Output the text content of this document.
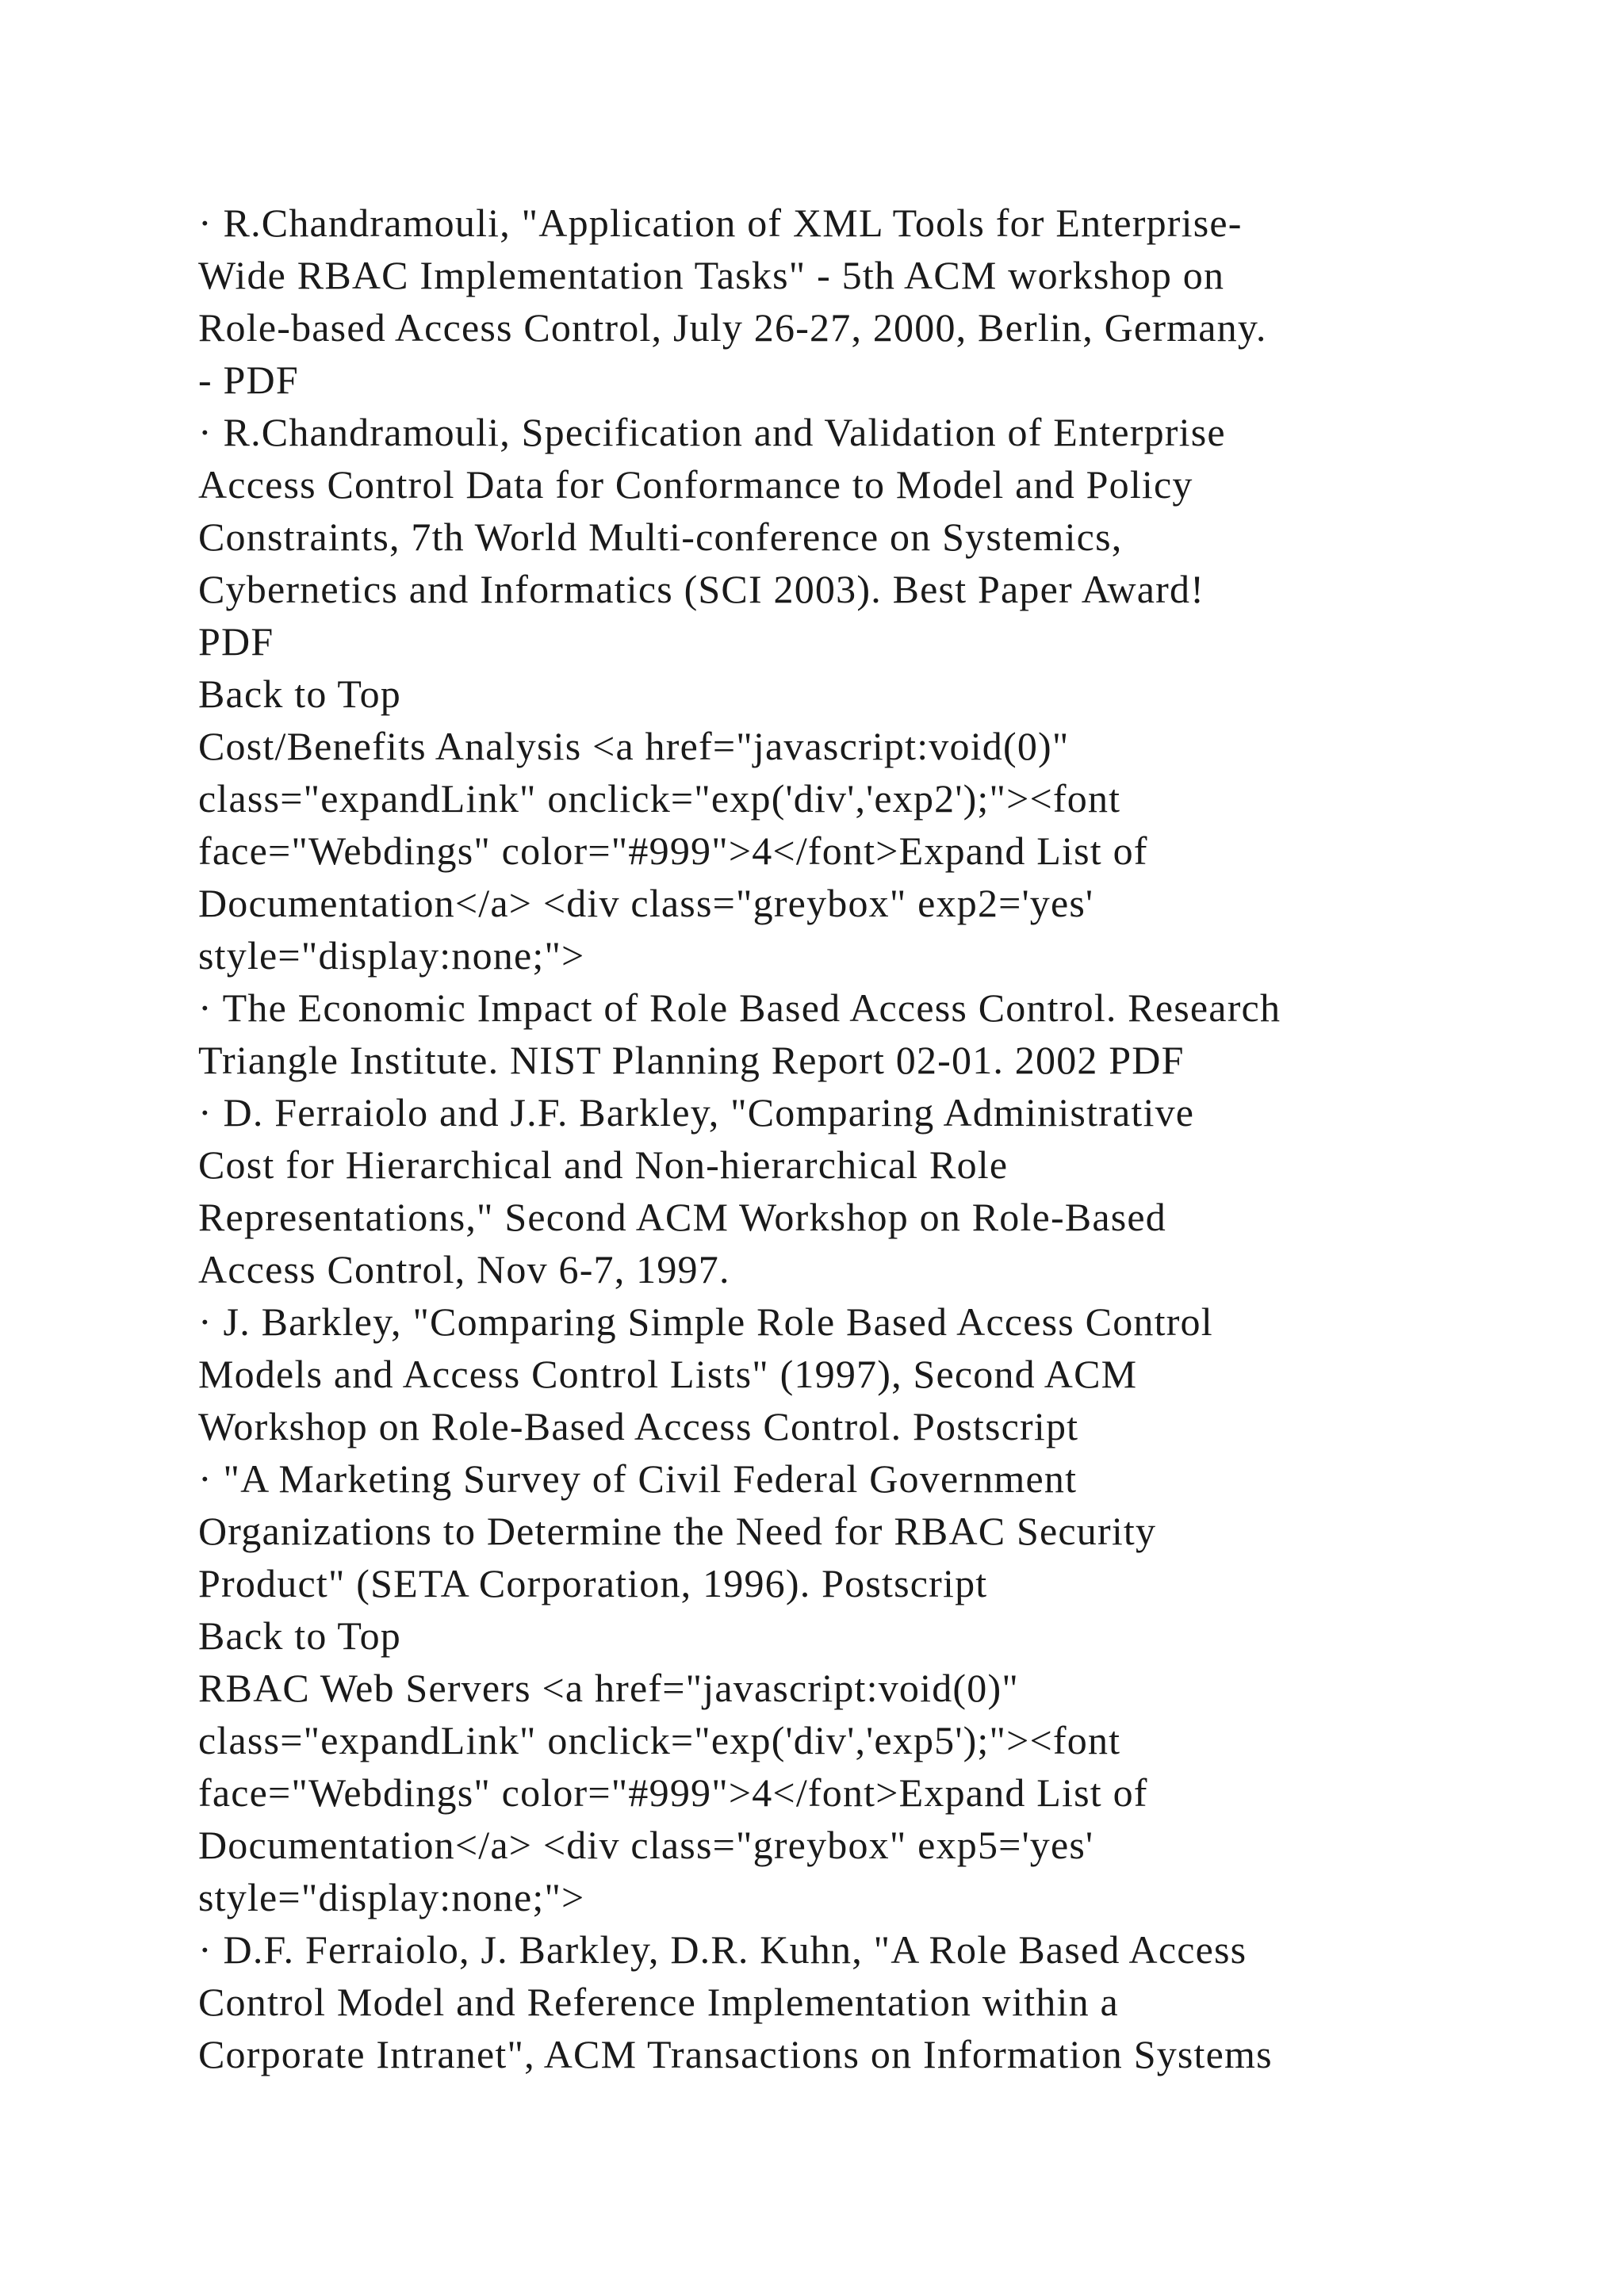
· R.Chandramouli, "Application of XML Tools for Enterprise-
Wide RBAC Implementation Tasks" - 5th ACM workshop on
Role-based Access Control, July 26-27, 2000, Berlin, Germany.
- PDF
· R.Chandramouli, Specification and Validation of Enterprise
Access Control Data for Conformance to Model and Policy
Constraints, 7th World Multi-conference on Systemics,
Cybernetics and Informatics (SCI 2003). Best Paper Award!
PDF
Back to Top
Cost/Benefits Analysis <a href="javascript:void(0)"
class="expandLink" onclick="exp('div','exp2');"><font
face="Webdings" color="#999">4</font>Expand List of
Documentation</a> <div class="greybox" exp2='yes'
style="display:none;">
· The Economic Impact of Role Based Access Control. Research
Triangle Institute. NIST Planning Report 02-01. 2002 PDF
· D. Ferraiolo and J.F. Barkley, "Comparing Administrative
Cost for Hierarchical and Non-hierarchical Role
Representations," Second ACM Workshop on Role-Based
Access Control, Nov 6-7, 1997.
· J. Barkley, "Comparing Simple Role Based Access Control
Models and Access Control Lists" (1997), Second ACM
Workshop on Role-Based Access Control. Postscript
· "A Marketing Survey of Civil Federal Government
Organizations to Determine the Need for RBAC Security
Product" (SETA Corporation, 1996). Postscript
Back to Top
RBAC Web Servers <a href="javascript:void(0)"
class="expandLink" onclick="exp('div','exp5');"><font
face="Webdings" color="#999">4</font>Expand List of
Documentation</a> <div class="greybox" exp5='yes'
style="display:none;">
· D.F. Ferraiolo, J. Barkley, D.R. Kuhn, "A Role Based Access
Control Model and Reference Implementation within a
Corporate Intranet", ACM Transactions on Information Systems
